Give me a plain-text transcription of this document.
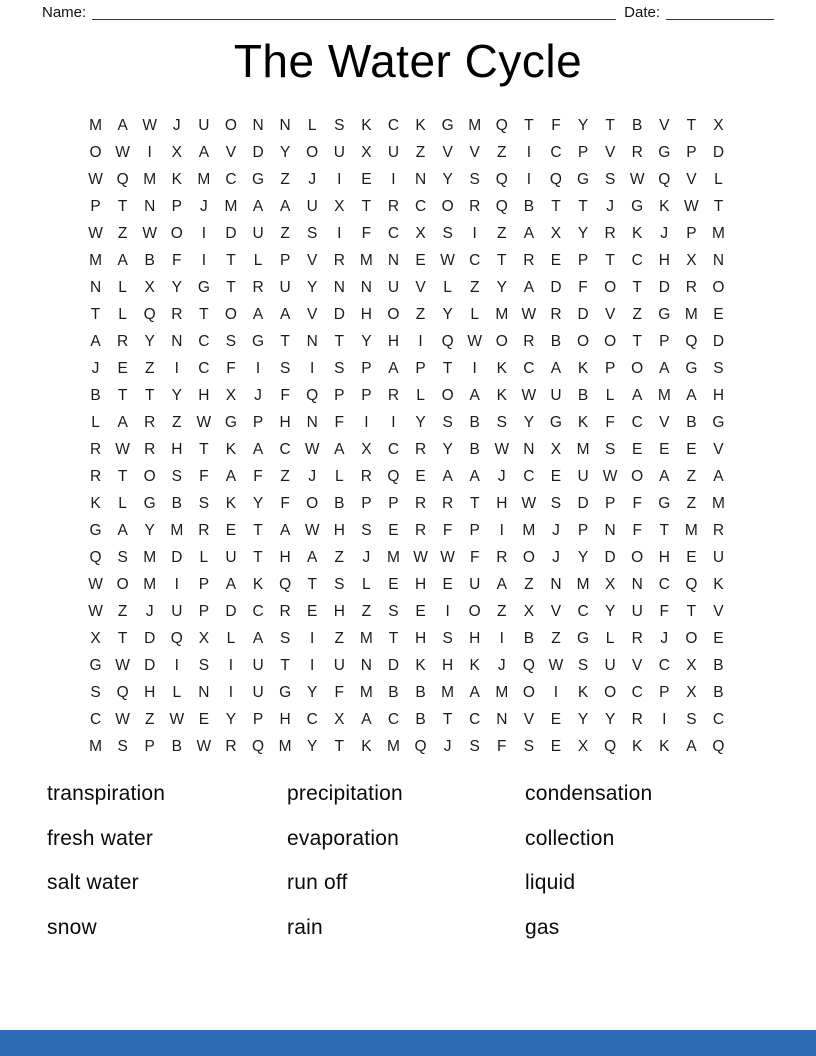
Name:	Date:
The Water Cycle
M A W	J	U O N	N	L	S	K	C	K	G M Q	T	F	Y	T	B	V	T	X
O W	I	X	A	V	D	Y	O U	X	U	Z	V	V	Z	I	C	P	V	R G	P	D
W Q M K M C G	Z	J	I	E	I	N	Y	S	Q	I	Q G	S W Q	V	L
P	T	N	P	J	M A	A	U	X	T	R	C O R Q	B	T	T	J	G	K W T
W Z W O	I	D	U	Z	S	I	F	C	X	S	I	Z	A	X	Y	R	K	J	P M
M A	B	F	I	T	L	P	V	R M N	E W C	T	R	E	P	T	C	H	X	N
N	L	X	Y	G	T	R	U	Y	N	N	U	V	L	Z	Y	A	D	F	O	T	D	R O
T	L	Q R	T	O	A	A	V	D	H O	Z	Y	L	M W R	D	V	Z	G M E
A	R	Y	N	C	S	G	T	N	T	Y	H	I	Q W O R	B	O O	T	P	Q D
J	E	Z	I	C	F	I	S	I	S	P	A	P	T	I	K	C	A	K	P	O	A	G	S
B	T	T	Y	H	X	J	F	Q	P	P	R	L	O	A	K W U	B	L	A M A	H
L	A	R	Z W G	P	H	N	F	I	I	Y	S	B	S	Y	G	K	F	C	V	B	G
R W R	H	T	K	A	C W A	X	C	R	Y	B W N	X M S	E	E	E	V
R	T	O	S	F	A	F	Z	J	L	R Q	E	A	A	J	C	E	U W O	A	Z	A
K	L	G	B	S	K	Y	F	O	B	P	P	R	R	T	H W S	D	P	F	G	Z	M
G	A	Y M R	E	T	A W H	S	E	R	F	P	I	M	J	P	N	F	T	M R
Q	S M D	L	U	T	H	A	Z	J	M W W F	R O	J	Y	D O H	E	U
W O M	I	P	A	K	Q	T	S	L	E	H	E	U	A	Z	N M X	N	C Q	K
W Z	J	U	P	D	C	R	E	H	Z	S	E	I	O	Z	X	V	C	Y	U	F	T	V
X	T	D Q	X	L	A	S	I	Z	M	T	H	S	H	I	B	Z	G	L	R	J	O	E
G W D	I	S	I	U	T	I	U	N	D	K	H	K	J	Q W S	U	V	C	X	B
S	Q H	L	N	I	U G	Y	F	M B	B M A M O	I	K	O C	P	X	B
C W Z W E	Y	P	H	C	X	A	C	B	T	C	N	V	E	Y	Y	R	I	S	C
M S	P	B W R Q M Y	T	K M Q	J	S	F	S	E	X	Q	K	K	A	Q
transpiration	precipitation	condensation
fresh water	evaporation	collection
salt water	run off	liquid
snow	rain	gas
